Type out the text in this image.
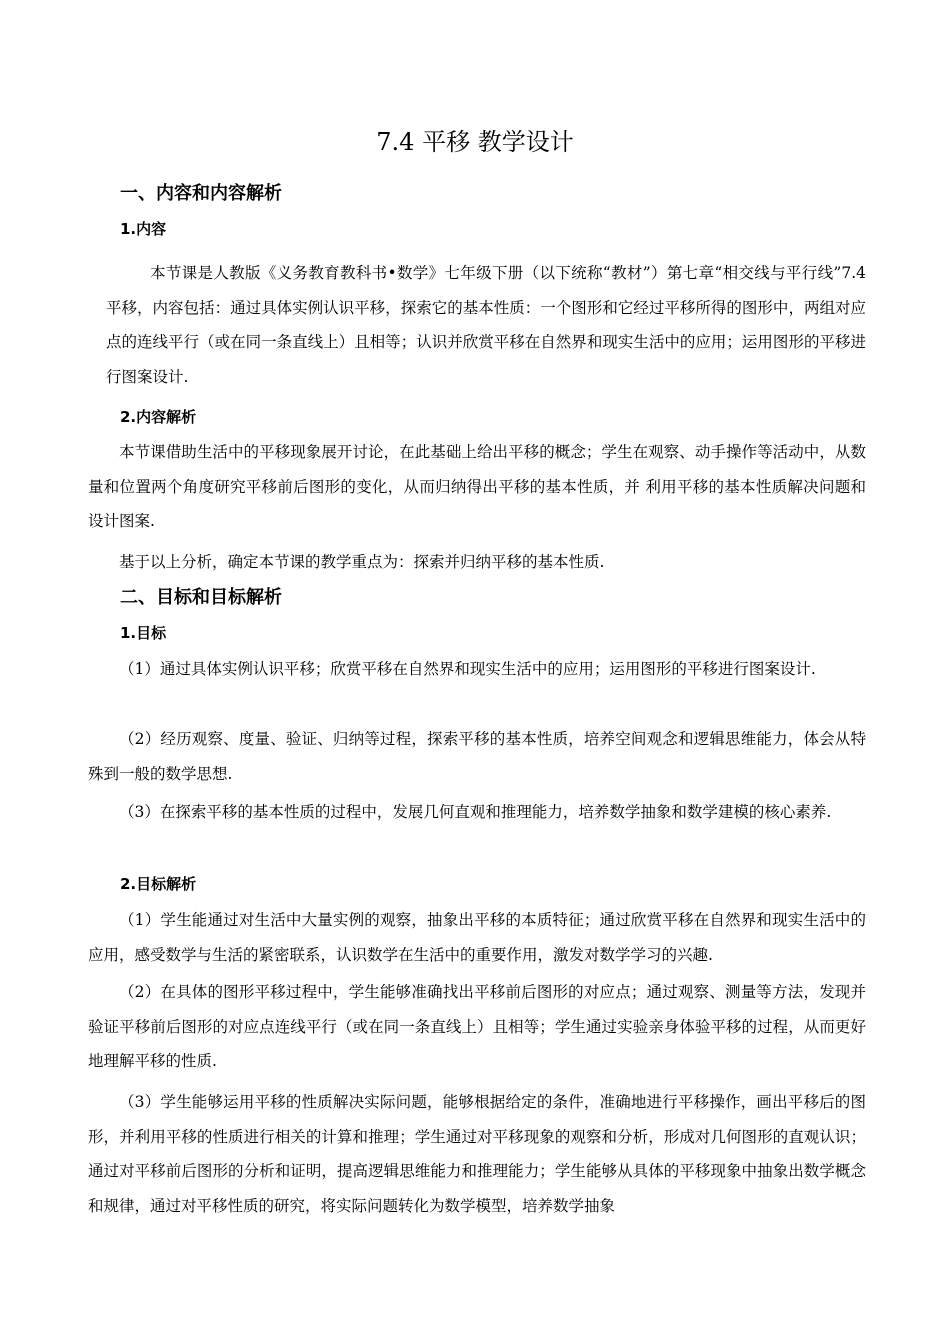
7.4 平移 教学设计
一、内容和内容解析
1.内容

本节课是人教版《义务教育教科书•数学》七年级下册（以下统称“教材”）第七章“相交线与平行线”7.4 平移，内容包括：通过具体实例认识平移，探索它的基本性质：一个图形和它经过平移所得的图形中，两组对应点的连线平行（或在同一条直线上）且相等；认识并欣赏平移在自然界和现实生活中的应用；运用图形的平移进行图案设计.

2.内容解析

本节课借助生活中的平移现象展开讨论，在此基础上给出平移的概念；学生在观察、动手操作等活动中，从数量和位置两个角度研究平移前后图形的变化，从而归纳得出平移的基本性质，并 利用平移的基本性质解决问题和设计图案.

基于以上分析，确定本节课的教学重点为：探索并归纳平移的基本性质.

二、目标和目标解析
1.目标

（1）通过具体实例认识平移；欣赏平移在自然界和现实生活中的应用；运用图形的平移进行图案设计.

（2）经历观察、度量、验证、归纳等过程，探索平移的基本性质，培养空间观念和逻辑思维能力，体会从特殊到一般的数学思想.

（3）在探索平移的基本性质的过程中，发展几何直观和推理能力，培养数学抽象和数学建模的核心素养.

2.目标解析

（1）学生能通过对生活中大量实例的观察，抽象出平移的本质特征；通过欣赏平移在自然界和现实生活中的应用，感受数学与生活的紧密联系，认识数学在生活中的重要作用，激发对数学学习的兴趣.

（2）在具体的图形平移过程中，学生能够准确找出平移前后图形的对应点；通过观察、测量等方法，发现并验证平移前后图形的对应点连线平行（或在同一条直线上）且相等；学生通过实验亲身体验平移的过程，从而更好地理解平移的性质.

（3）学生能够运用平移的性质解决实际问题，能够根据给定的条件，准确地进行平移操作，画出平移后的图形，并利用平移的性质进行相关的计算和推理；学生通过对平移现象的观察和分析，形成对几何图形的直观认识；通过对平移前后图形的分析和证明，提高逻辑思维能力和推理能力；学生能够从具体的平移现象中抽象出数学概念和规律，通过对平移性质的研究，将实际问题转化为数学模型，培养数学抽象
